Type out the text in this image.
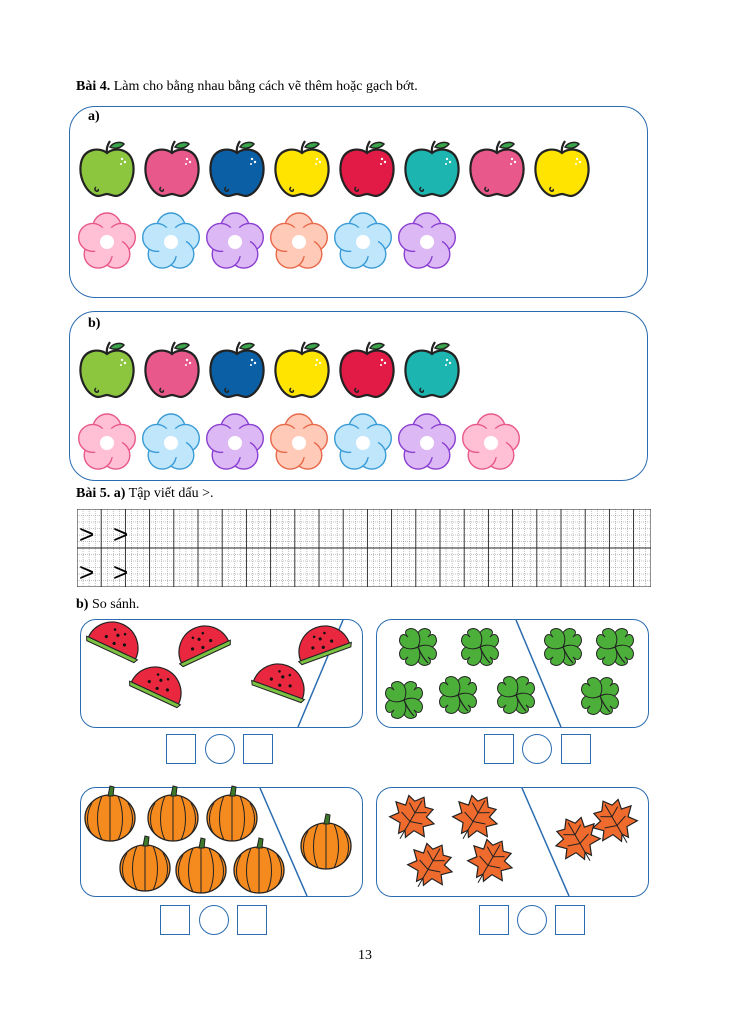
Bài 4. Làm cho bằng nhau bằng cách vẽ thêm hoặc gạch bớt.
a)
b)
Bài 5. a) Tập viết dấu >.
> >
> >
b) So sánh.
13
